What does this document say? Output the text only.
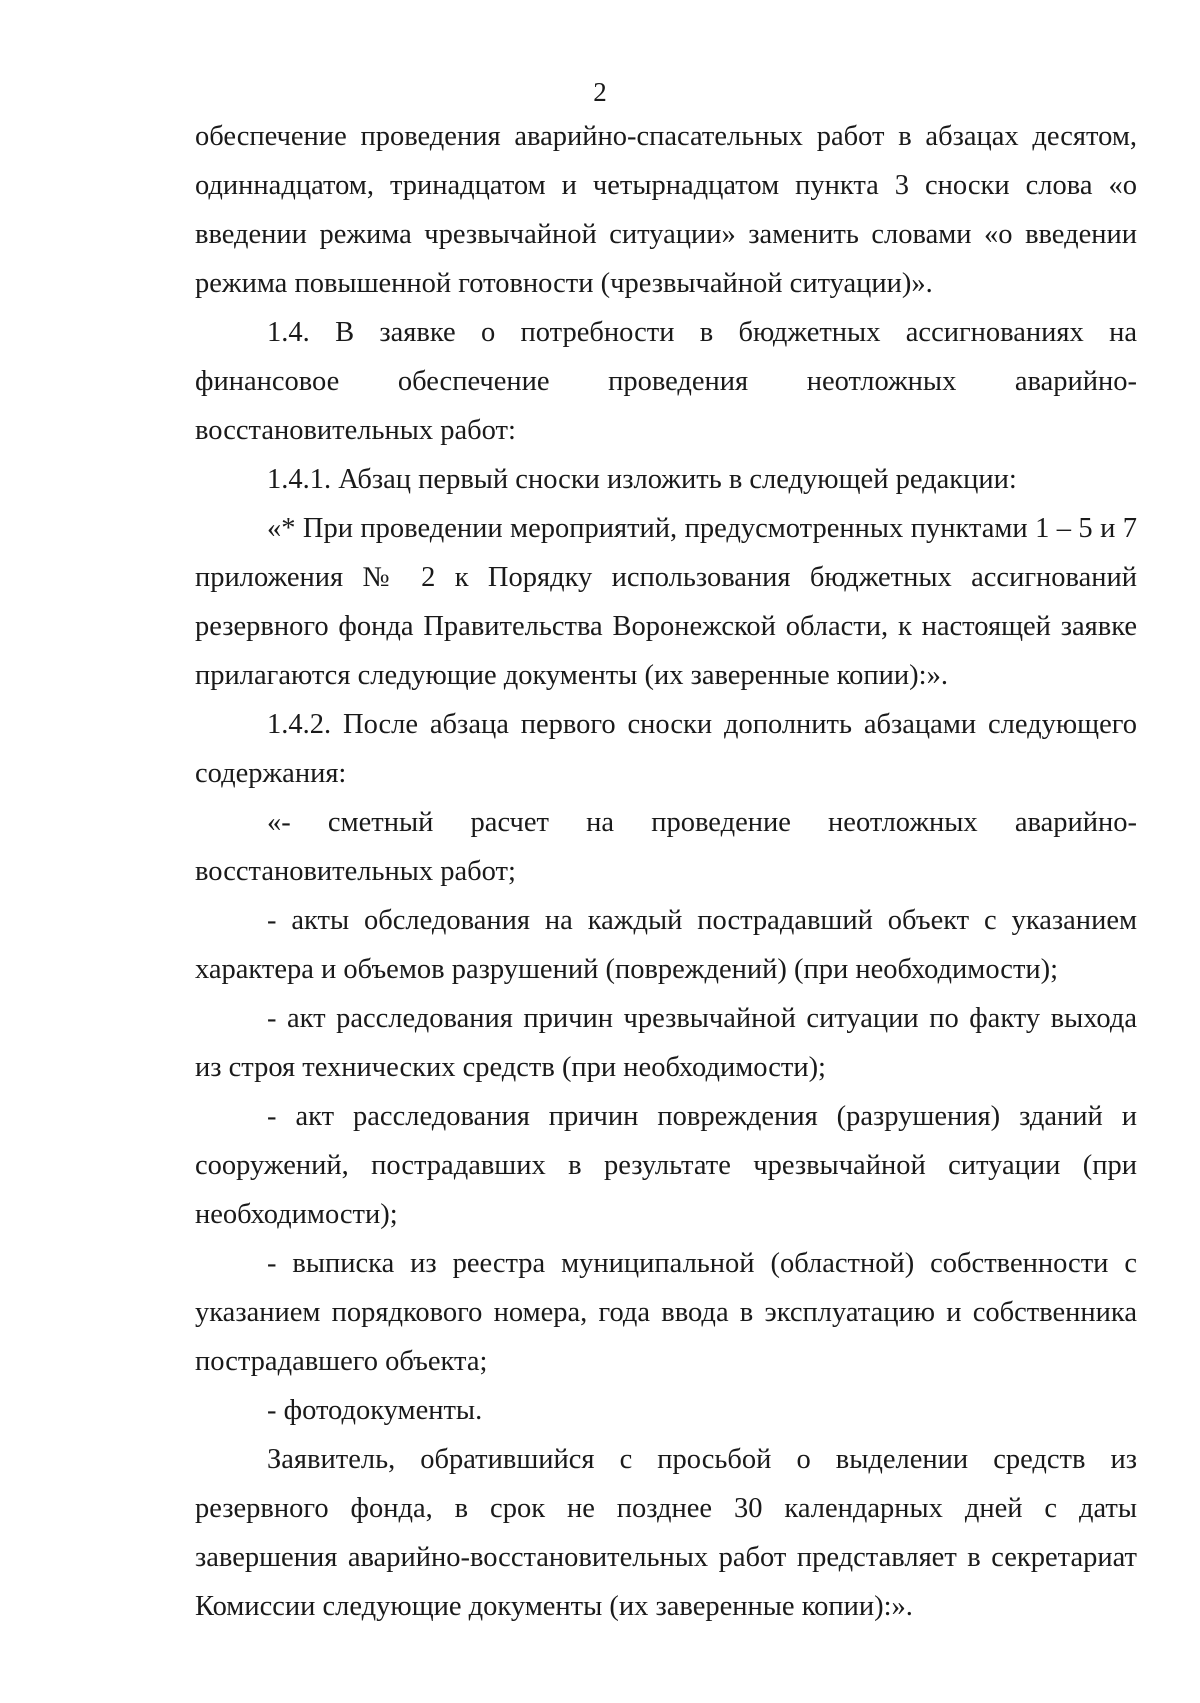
2

обеспечение проведения аварийно-спасательных работ в абзацах десятом, одиннадцатом, тринадцатом и четырнадцатом пункта 3 сноски слова «о введении режима чрезвычайной ситуации» заменить словами «о введении режима повышенной готовности (чрезвычайной ситуации)».

1.4. В заявке о потребности в бюджетных ассигнованиях на финансовое обеспечение проведения неотложных аварийно-восстановительных работ:

1.4.1. Абзац первый сноски изложить в следующей редакции:

«* При проведении мероприятий, предусмотренных пунктами 1 – 5 и 7 приложения № 2 к Порядку использования бюджетных ассигнований резервного фонда Правительства Воронежской области, к настоящей заявке прилагаются следующие документы (их заверенные копии):».

1.4.2. После абзаца первого сноски дополнить абзацами следующего содержания:

«- сметный расчет на проведение неотложных аварийно-восстановительных работ;

- акты обследования на каждый пострадавший объект с указанием характера и объемов разрушений (повреждений) (при необходимости);

- акт расследования причин чрезвычайной ситуации по факту выхода из строя технических средств (при необходимости);

- акт расследования причин повреждения (разрушения) зданий и сооружений, пострадавших в результате чрезвычайной ситуации (при необходимости);

- выписка из реестра муниципальной (областной) собственности с указанием порядкового номера, года ввода в эксплуатацию и собственника пострадавшего объекта;

- фотодокументы.

Заявитель, обратившийся с просьбой о выделении средств из резервного фонда, в срок не позднее 30 календарных дней с даты завершения аварийно-восстановительных работ представляет в секретариат Комиссии следующие документы (их заверенные копии):».
